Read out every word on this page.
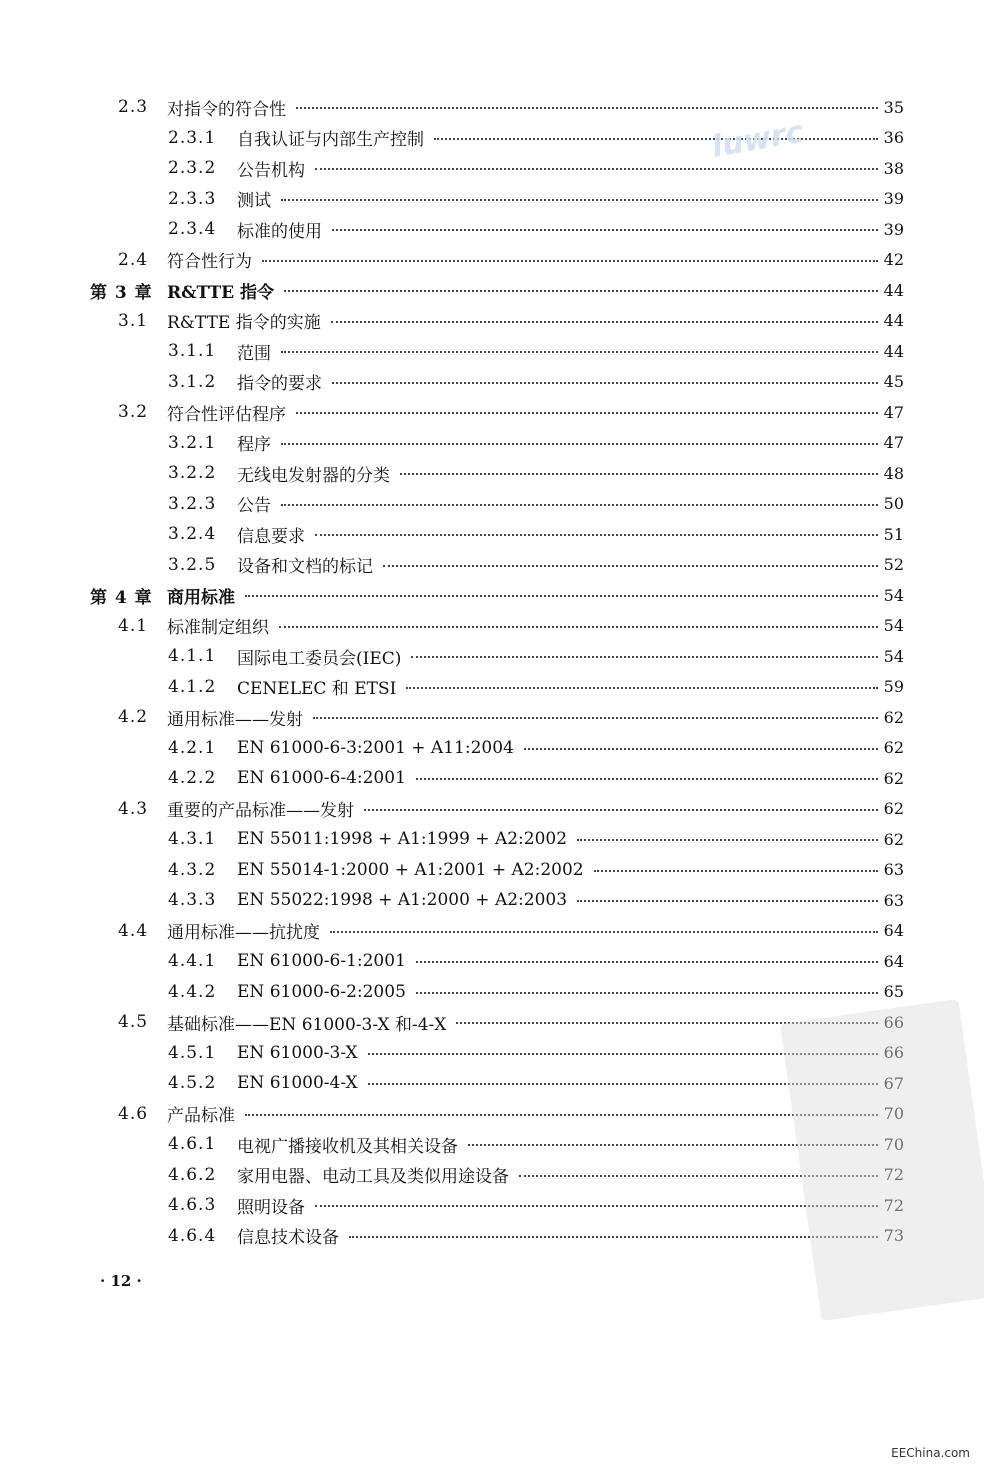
2.3 对指令的符合性	35
2.3.1 自我认证与内部生产控制	36
2.3.2 公告机构	38
2.3.3 测试	39
2.3.4 标准的使用	39
2.4 符合性行为	42
第 3 章 R&TTE 指令	44
3.1 R&TTE 指令的实施	44
3.1.1 范围	44
3.1.2 指令的要求	45
3.2 符合性评估程序	47
3.2.1 程序	47
3.2.2 无线电发射器的分类	48
3.2.3 公告	50
3.2.4 信息要求	51
3.2.5 设备和文档的标记	52
第 4 章 商用标准	54
4.1 标准制定组织	54
4.1.1 国际电工委员会(IEC)	54
4.1.2 CENELEC 和 ETSI	59
4.2 通用标准——发射	62
4.2.1 EN 61000-6-3:2001 + A11:2004	62
4.2.2 EN 61000-6-4:2001	62
4.3 重要的产品标准——发射	62
4.3.1 EN 55011:1998 + A1:1999 + A2:2002	62
4.3.2 EN 55014-1:2000 + A1:2001 + A2:2002	63
4.3.3 EN 55022:1998 + A1:2000 + A2:2003	63
4.4 通用标准——抗扰度	64
4.4.1 EN 61000-6-1:2001	64
4.4.2 EN 61000-6-2:2005	65
4.5 基础标准——EN 61000-3-X 和-4-X	66
4.5.1 EN 61000-3-X	66
4.5.2 EN 61000-4-X	67
4.6 产品标准	70
4.6.1 电视广播接收机及其相关设备	70
4.6.2 家用电器、电动工具及类似用途设备	72
4.6.3 照明设备	72
4.6.4 信息技术设备	73
luwrc
· 12 ·
EEChina.com
